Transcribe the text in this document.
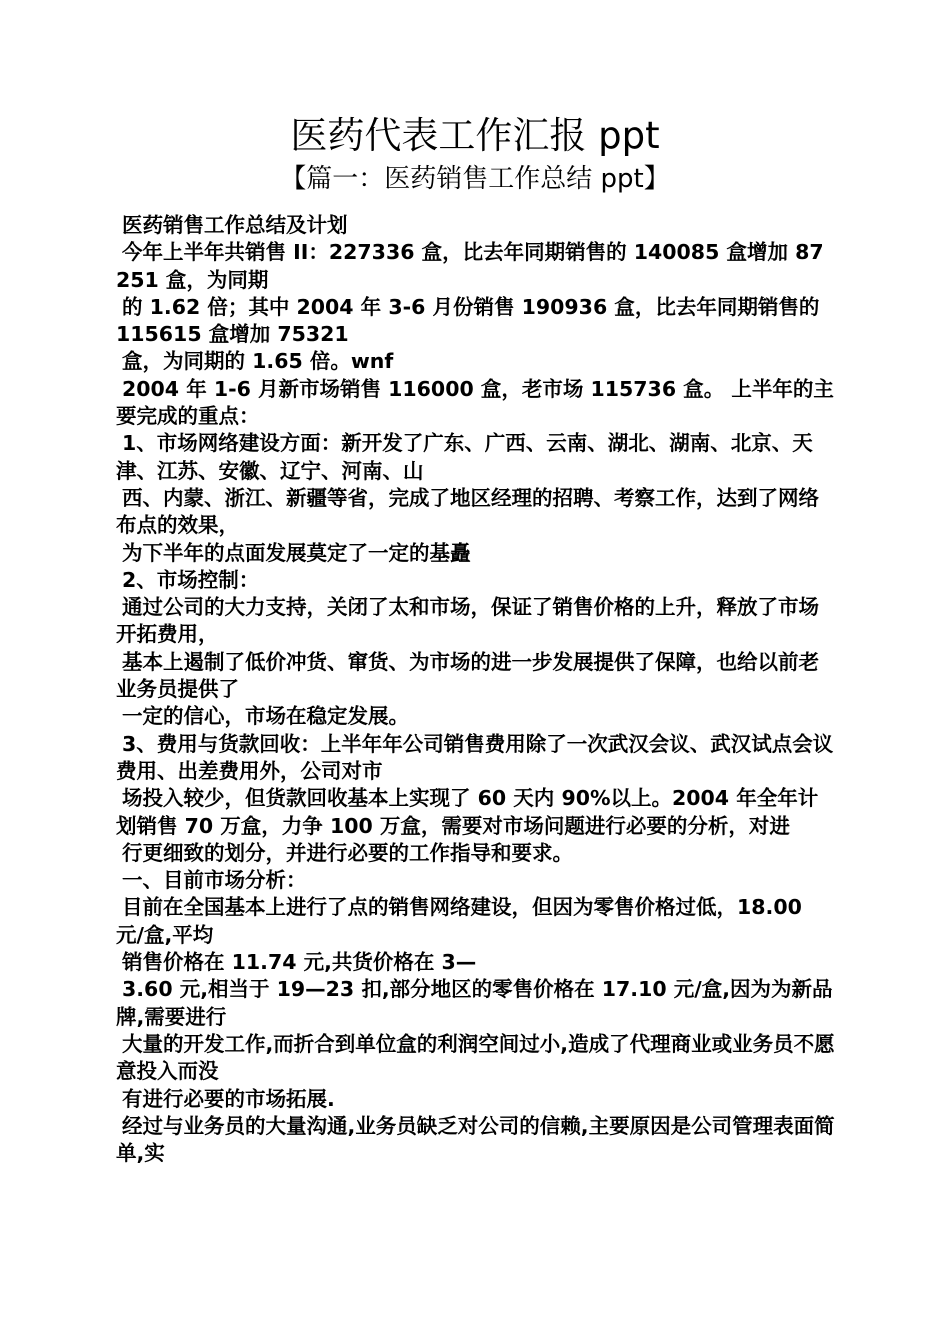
医药代表工作汇报 ppt
【篇一：医药销售工作总结 ppt】

医药销售工作总结及计划

今年上半年共销售 II：227336 盒，比去年同期销售的 140085 盒增加 87251 盒，为同期

的 1.62 倍；其中 2004 年 3-6 月份销售 190936 盒，比去年同期销售的 115615 盒增加 75321

盒，为同期的 1.65 倍。wnf

2004 年 1-6 月新市场销售 116000 盒，老市场 115736 盒。 上半年的主要完成的重点：

1、市场网络建设方面：新开发了广东、广西、云南、湖北、湖南、北京、天津、江苏、安徽、辽宁、河南、山

西、内蒙、浙江、新疆等省，完成了地区经理的招聘、考察工作，达到了网络布点的效果，

为下半年的点面发展莫定了一定的基矗

2、市场控制：

通过公司的大力支持，关闭了太和市场，保证了销售价格的上升，释放了市场开拓费用，

基本上遏制了低价冲货、窜货、为市场的进一步发展提供了保障，也给以前老业务员提供了

一定的信心，市场在稳定发展。

3、费用与货款回收：上半年年公司销售费用除了一次武汉会议、武汉试点会议费用、出差费用外，公司对市

场投入较少，但货款回收基本上实现了 60 天内 90%以上。2004 年全年计划销售 70 万盒，力争 100 万盒，需要对市场问题进行必要的分析，对进

行更细致的划分，并进行必要的工作指导和要求。

一、目前市场分析：

目前在全国基本上进行了点的销售网络建设，但因为零售价格过低，18.00 元/盒,平均

销售价格在 11.74 元,共货价格在 3—

3.60 元,相当于 19—23 扣,部分地区的零售价格在 17.10 元/盒,因为为新品牌,需要进行

大量的开发工作,而折合到单位盒的利润空间过小,造成了代理商业或业务员不愿意投入而没

有进行必要的市场拓展.

经过与业务员的大量沟通,业务员缺乏对公司的信赖,主要原因是公司管理表面简单,实
